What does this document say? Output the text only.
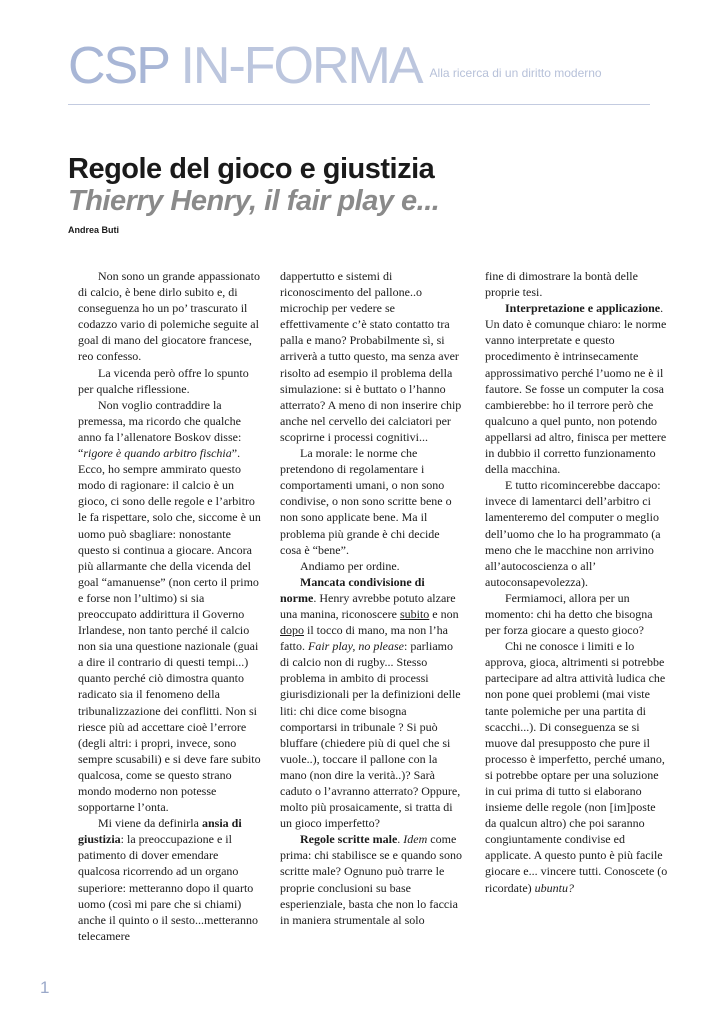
CSP IN-FORMA Alla ricerca di un diritto moderno
Regole del gioco e giustizia
Thierry Henry, il fair play e...
Andrea Buti

Non sono un grande appassionato di calcio, è bene dirlo subito e, di conseguenza ho un po’ trascurato il codazzo vario di polemiche seguite al goal di mano del giocatore francese, reo confesso.

La vicenda però offre lo spunto per qualche riflessione.

Non voglio contraddire la premessa, ma ricordo che qualche anno fa l’allenatore Boskov disse: “rigore è quando arbitro fischia”. Ecco, ho sempre ammirato questo modo di ragionare: il calcio è un gioco, ci sono delle regole e l’arbitro le fa rispettare, solo che, siccome è un uomo può sbagliare: nonostante questo si continua a giocare. Ancora più allarmante che della vicenda del goal “amanuense” (non certo il primo e forse non l’ultimo) si sia preoccupato addirittura il Governo Irlandese, non tanto perché il calcio non sia una questione nazionale (guai a dire il contrario di questi tempi...) quanto perché ciò dimostra quanto radicato sia il fenomeno della tribunalizzazione dei conflitti. Non si riesce più ad accettare cioè l’errore (degli altri: i propri, invece, sono sempre scusabili) e si deve fare subito qualcosa, come se questo strano mondo moderno non potesse sopportarne l’onta.

Mi viene da definirla ansia di giustizia: la preoccupazione e il patimento di dover emendare qualcosa ricorrendo ad un organo superiore: metteranno dopo il quarto uomo (così mi pare che si chiami) anche il quinto o il sesto...metteranno telecamere

dappertutto e sistemi di riconoscimento del pallone..o microchip per vedere se effettivamente c’è stato contatto tra palla e mano? Probabilmente sì, si arriverà a tutto questo, ma senza aver risolto ad esempio il problema della simulazione: si è buttato o l’hanno atterrato? A meno di non inserire chip anche nel cervello dei calciatori per scoprirne i processi cognitivi...

La morale: le norme che pretendono di regolamentare i comportamenti umani, o non sono condivise, o non sono scritte bene o non sono applicate bene. Ma il problema più grande è chi decide cosa è “bene”.

Andiamo per ordine.

Mancata condivisione di norme. Henry avrebbe potuto alzare una manina, riconoscere subito e non dopo il tocco di mano, ma non l’ha fatto. Fair play, no please: parliamo di calcio non di rugby... Stesso problema in ambito di processi giurisdizionali per la definizioni delle liti: chi dice come bisogna comportarsi in tribunale ? Si può bluffare (chiedere più di quel che si vuole..), toccare il pallone con la mano (non dire la verità..)? Sarà caduto o l’avranno atterrato? Oppure, molto più prosaicamente, si tratta di un gioco imperfetto?

Regole scritte male. Idem come prima: chi stabilisce se e quando sono scritte male? Ognuno può trarre le proprie conclusioni su base esperienziale, basta che non lo faccia in maniera strumentale al solo

fine di dimostrare la bontà delle proprie tesi.

Interpretazione e applicazione. Un dato è comunque chiaro: le norme vanno interpretate e questo procedimento è intrinsecamente approssimativo perché l’uomo ne è il fautore. Se fosse un computer la cosa cambierebbe: ho il terrore però che qualcuno a quel punto, non potendo appellarsi ad altro, finisca per mettere in dubbio il corretto funzionamento della macchina.

E tutto ricomincerebbe daccapo: invece di lamentarci dell’arbitro ci lamenteremo del computer o meglio dell’uomo che lo ha programmato (a meno che le macchine non arrivino all’autocoscienza o all’ autoconsapevolezza).

Fermiamoci, allora per un momento: chi ha detto che bisogna per forza giocare a questo gioco?

Chi ne conosce i limiti e lo approva, gioca, altrimenti si potrebbe partecipare ad altra attività ludica che non pone quei problemi (mai viste tante polemiche per una partita di scacchi...). Di conseguenza se si muove dal presupposto che pure il processo è imperfetto, perché umano, si potrebbe optare per una soluzione in cui prima di tutto si elaborano insieme delle regole (non [im]poste da qualcun altro) che poi saranno congiuntamente condivise ed applicate. A questo punto è più facile giocare e... vincere tutti. Conoscete (o ricordate) ubuntu?

1
